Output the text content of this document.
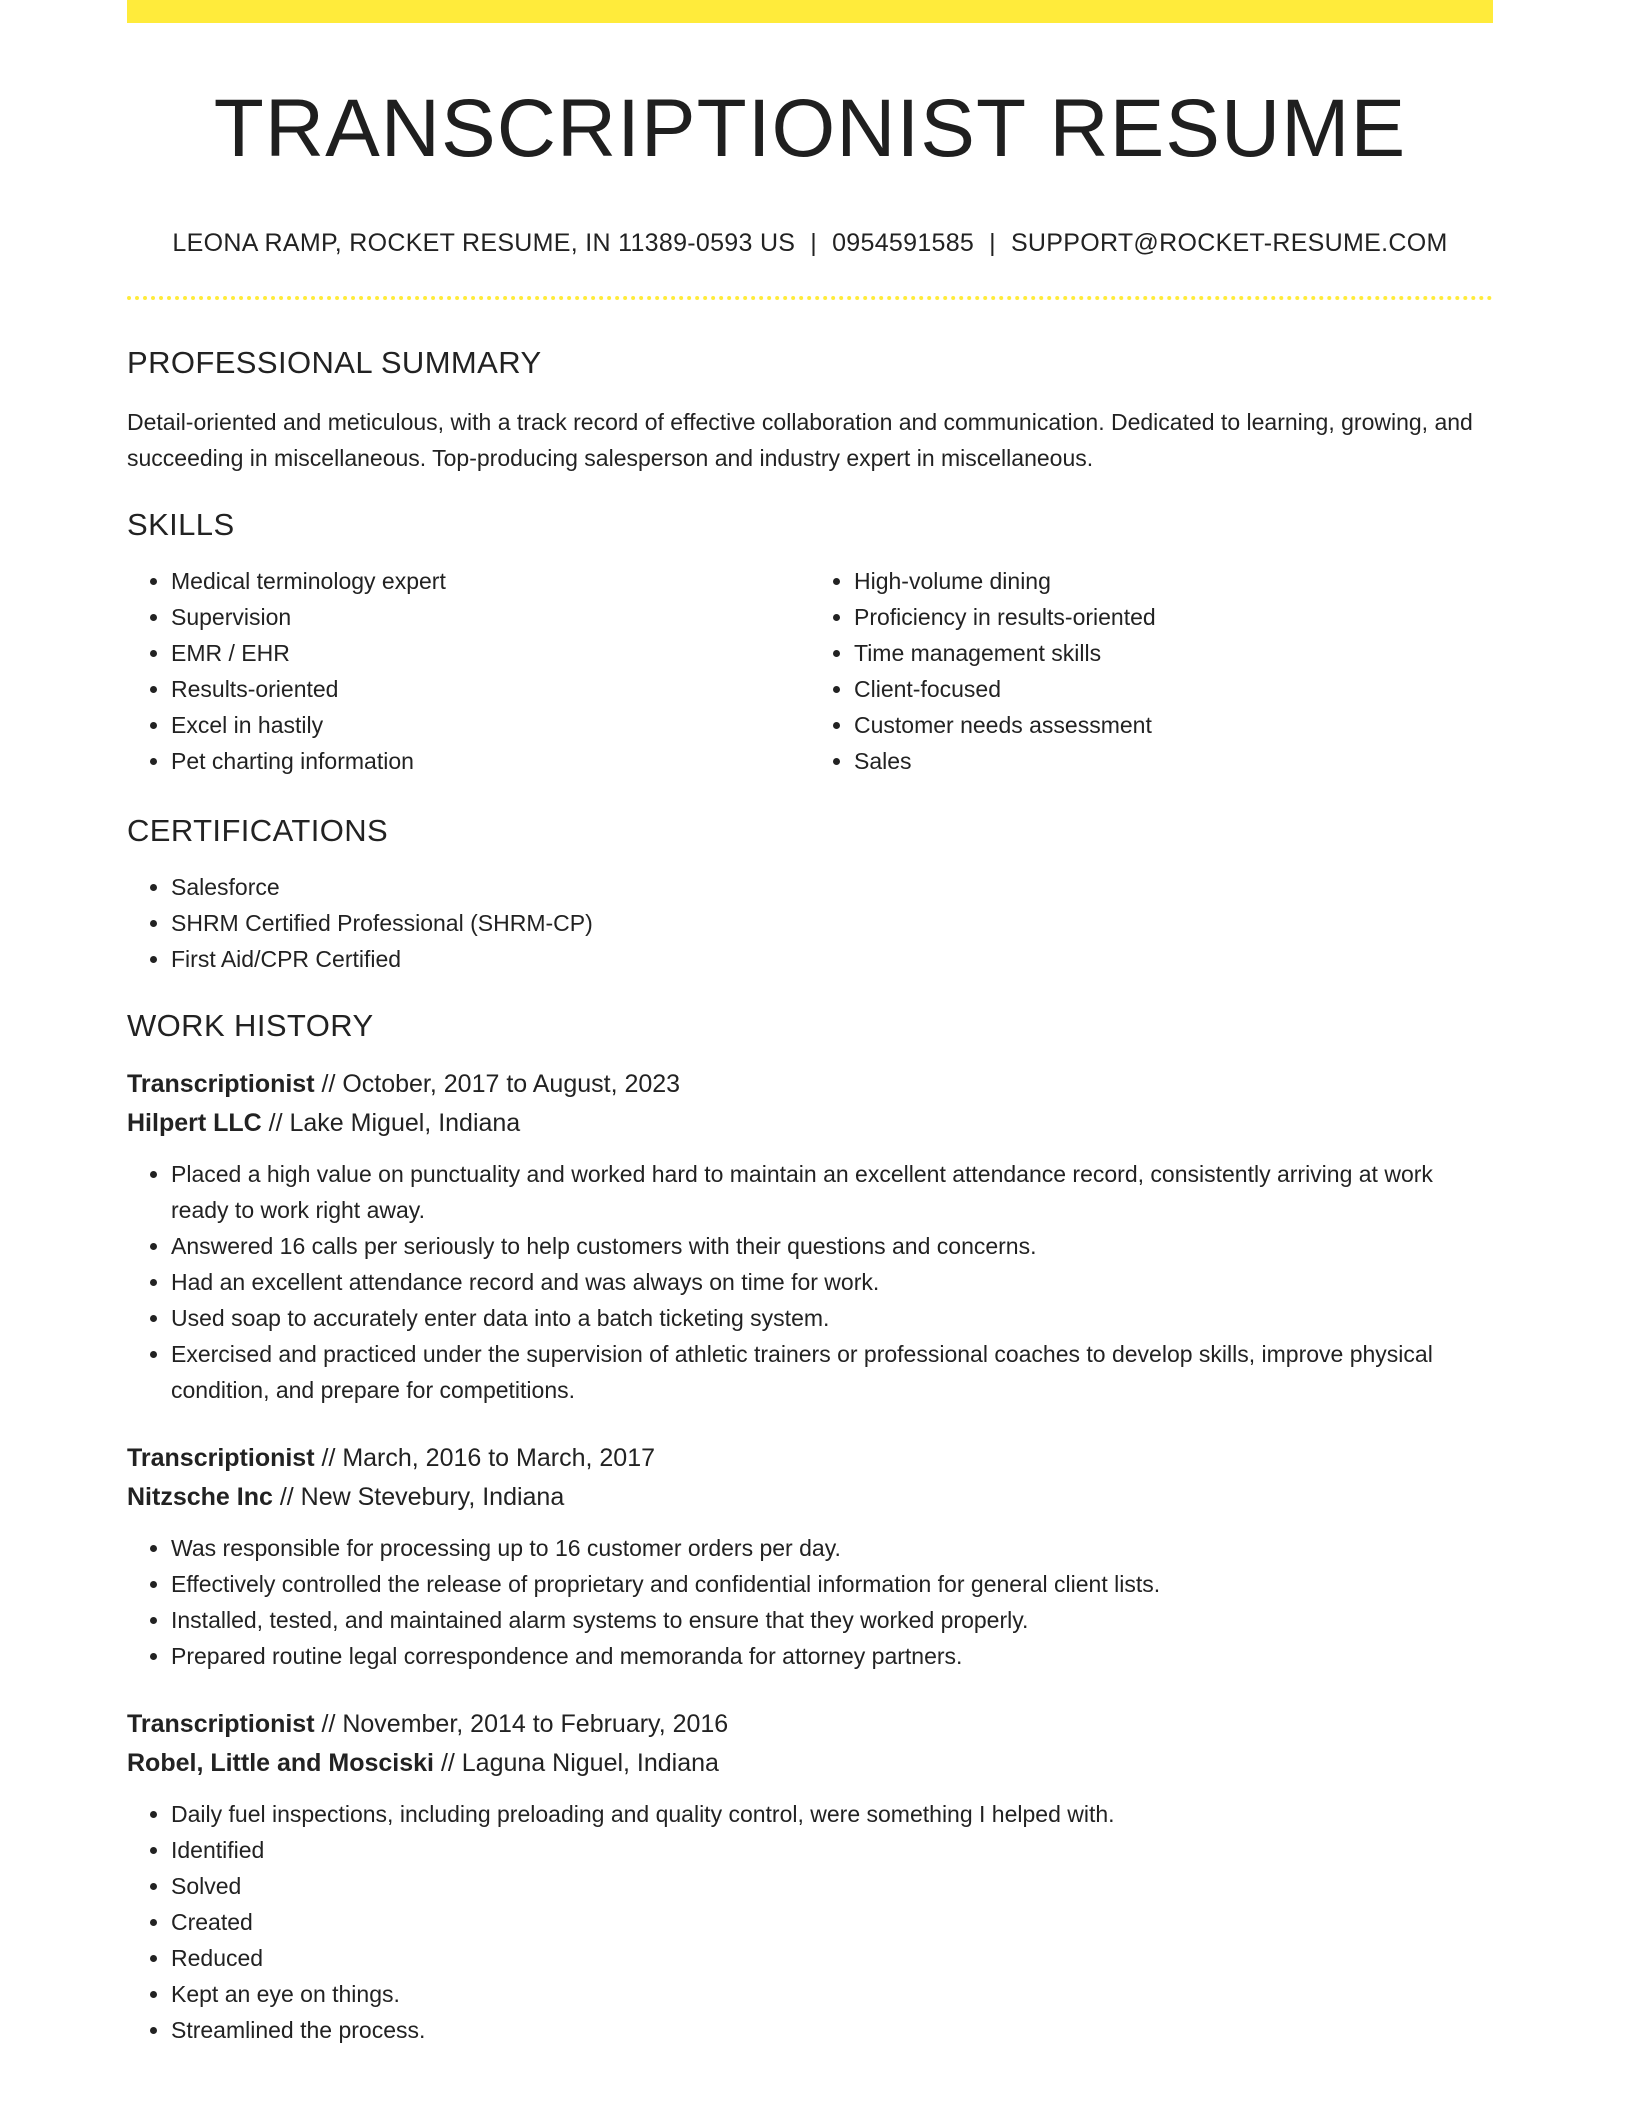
TRANSCRIPTIONIST RESUME
LEONA RAMP, ROCKET RESUME, IN 11389-0593 US | 0954591585 | SUPPORT@ROCKET-RESUME.COM
PROFESSIONAL SUMMARY

Detail-oriented and meticulous, with a track record of effective collaboration and communication. Dedicated to learning, growing, and succeeding in miscellaneous. Top-producing salesperson and industry expert in miscellaneous.

SKILLS
• Medical terminology expert
• Supervision
• EMR / EHR
• Results-oriented
• Excel in hastily
• Pet charting information
• High-volume dining
• Proficiency in results-oriented
• Time management skills
• Client-focused
• Customer needs assessment
• Sales
CERTIFICATIONS
• Salesforce
• SHRM Certified Professional (SHRM-CP)
• First Aid/CPR Certified
WORK HISTORY
Transcriptionist // October, 2017 to August, 2023
Hilpert LLC // Lake Miguel, Indiana
• Placed a high value on punctuality and worked hard to maintain an excellent attendance record, consistently arriving at work ready to work right away.
• Answered 16 calls per seriously to help customers with their questions and concerns.
• Had an excellent attendance record and was always on time for work.
• Used soap to accurately enter data into a batch ticketing system.
• Exercised and practiced under the supervision of athletic trainers or professional coaches to develop skills, improve physical condition, and prepare for competitions.
Transcriptionist // March, 2016 to March, 2017
Nitzsche Inc // New Stevebury, Indiana
• Was responsible for processing up to 16 customer orders per day.
• Effectively controlled the release of proprietary and confidential information for general client lists.
• Installed, tested, and maintained alarm systems to ensure that they worked properly.
• Prepared routine legal correspondence and memoranda for attorney partners.
Transcriptionist // November, 2014 to February, 2016
Robel, Little and Mosciski // Laguna Niguel, Indiana
• Daily fuel inspections, including preloading and quality control, were something I helped with.
• Identified
• Solved
• Created
• Reduced
• Kept an eye on things.
• Streamlined the process.
